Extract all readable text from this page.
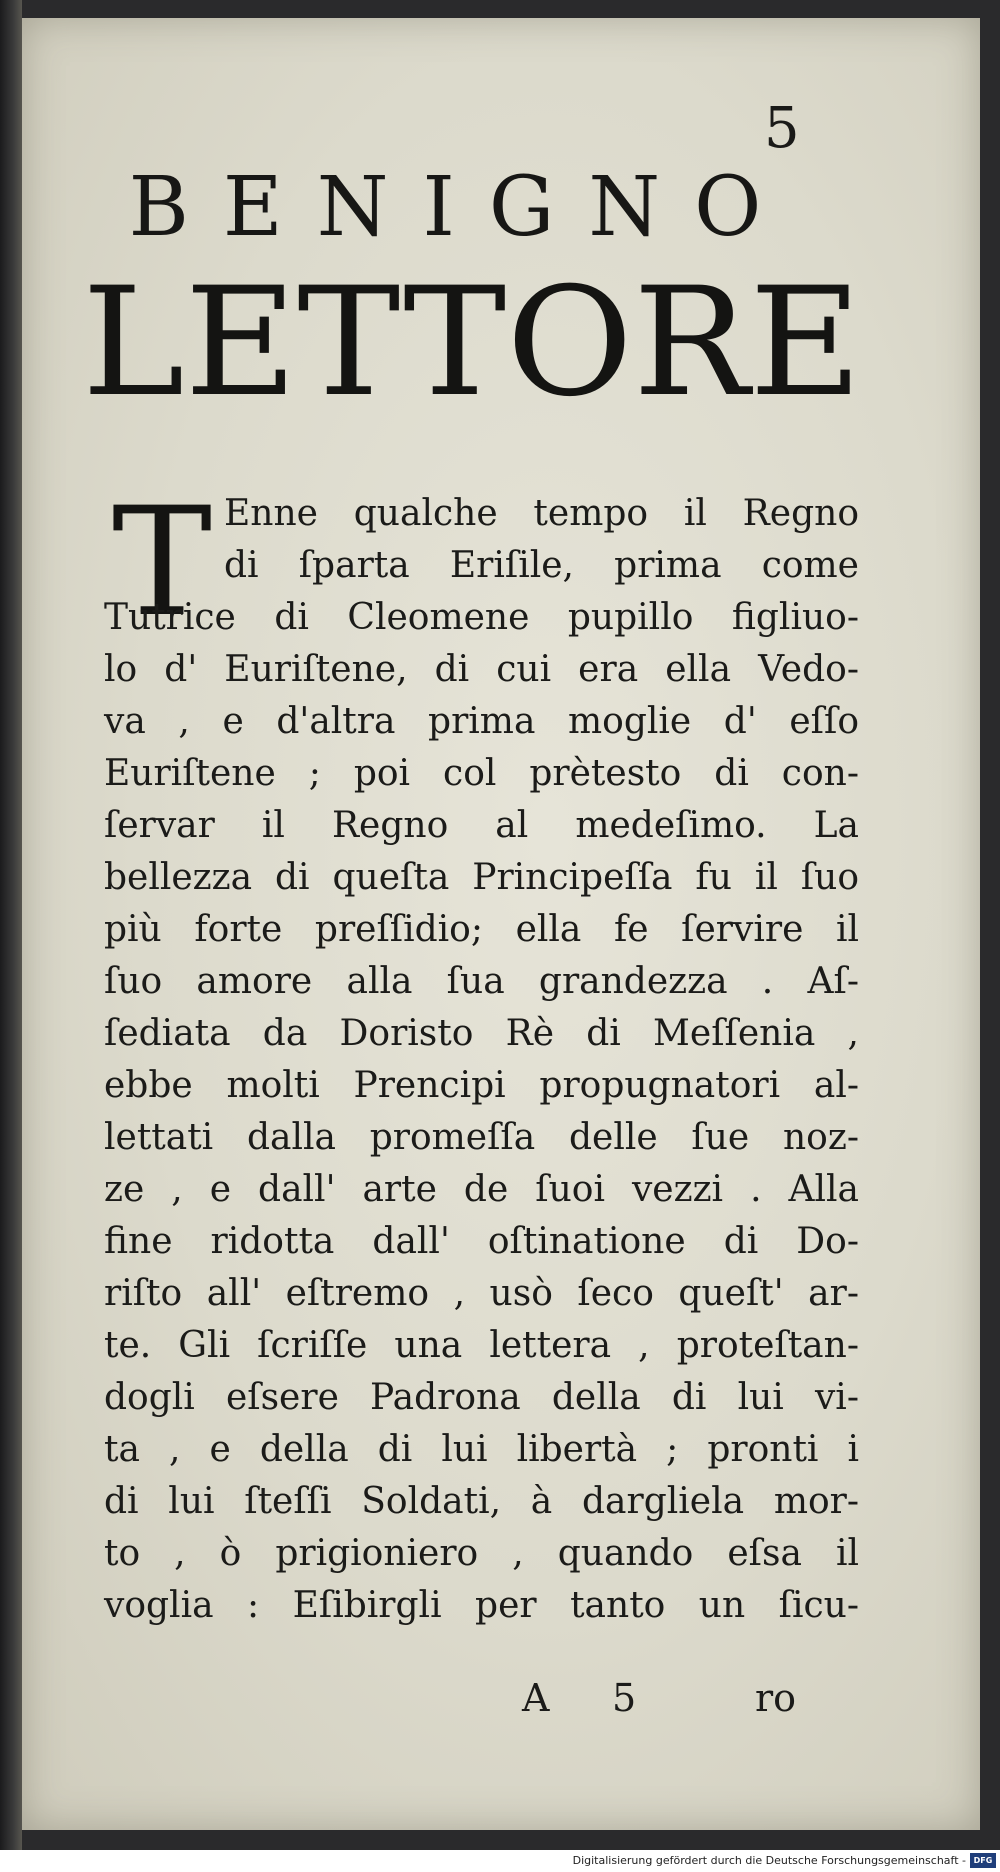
5
BENIGNO
LETTORE
T Enne qualche tempo il Regno
di ſparta Eriſile, prima come
Tutrice di Cleomene pupillo figliuo-
lo d' Euriſtene, di cui era ella Vedo-
va , e d'altra prima moglie d' eſſo
Euriſtene ; poi col prètesto di con-
ſervar il Regno al medeſimo. La
bellezza di queſta Principeſſa fu il ſuo
più forte preſſidio; ella fe ſervire il
ſuo amore alla ſua grandezza . Aſ-
ſediata da Doristo Rè di Meſſenia ,
ebbe molti Prencipi propugnatori al-
lettati dalla promeſſa delle ſue noz-
ze , e dall' arte de ſuoi vezzi . Alla
fine ridotta dall' oſtinatione di Do-
riſto all' eſtremo , usò ſeco queſt' ar-
te. Gli ſcriſſe una lettera , proteſtan-
dogli eſsere Padrona della di lui vi-
ta , e della di lui libertà ; pronti i
di lui ſteſſi Soldati, à dargliela mor-
to , ò prigioniero , quando eſsa il
voglia : Eſibirgli per tanto un ſicu-
A 5	ro
Digitalisierung gefördert durch die Deutsche Forschungsgemeinschaft - DFG
